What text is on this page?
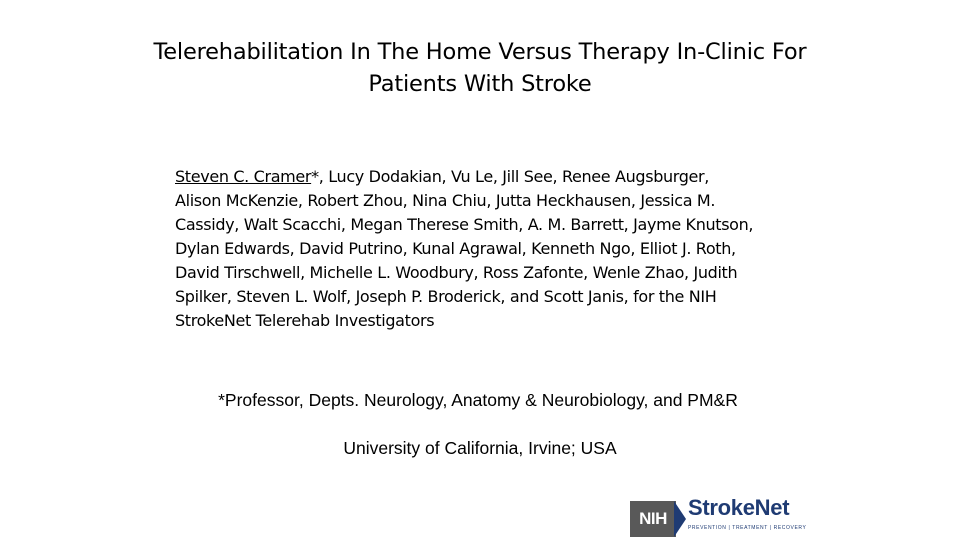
Telerehabilitation In The Home Versus Therapy In-Clinic For
Patients With Stroke
Steven C. Cramer*, Lucy Dodakian, Vu Le, Jill See, Renee Augsburger,
Alison McKenzie, Robert Zhou, Nina Chiu, Jutta Heckhausen, Jessica M.
Cassidy, Walt Scacchi, Megan Therese Smith, A. M. Barrett, Jayme Knutson,
Dylan Edwards, David Putrino, Kunal Agrawal, Kenneth Ngo, Elliot J. Roth,
David Tirschwell, Michelle L. Woodbury, Ross Zafonte, Wenle Zhao, Judith
Spilker, Steven L. Wolf, Joseph P. Broderick, and Scott Janis, for the NIH
StrokeNet Telerehab Investigators
*Professor, Depts. Neurology, Anatomy & Neurobiology, and PM&R
University of California, Irvine; USA
NIH StrokeNet
PREVENTION | TREATMENT | RECOVERY
